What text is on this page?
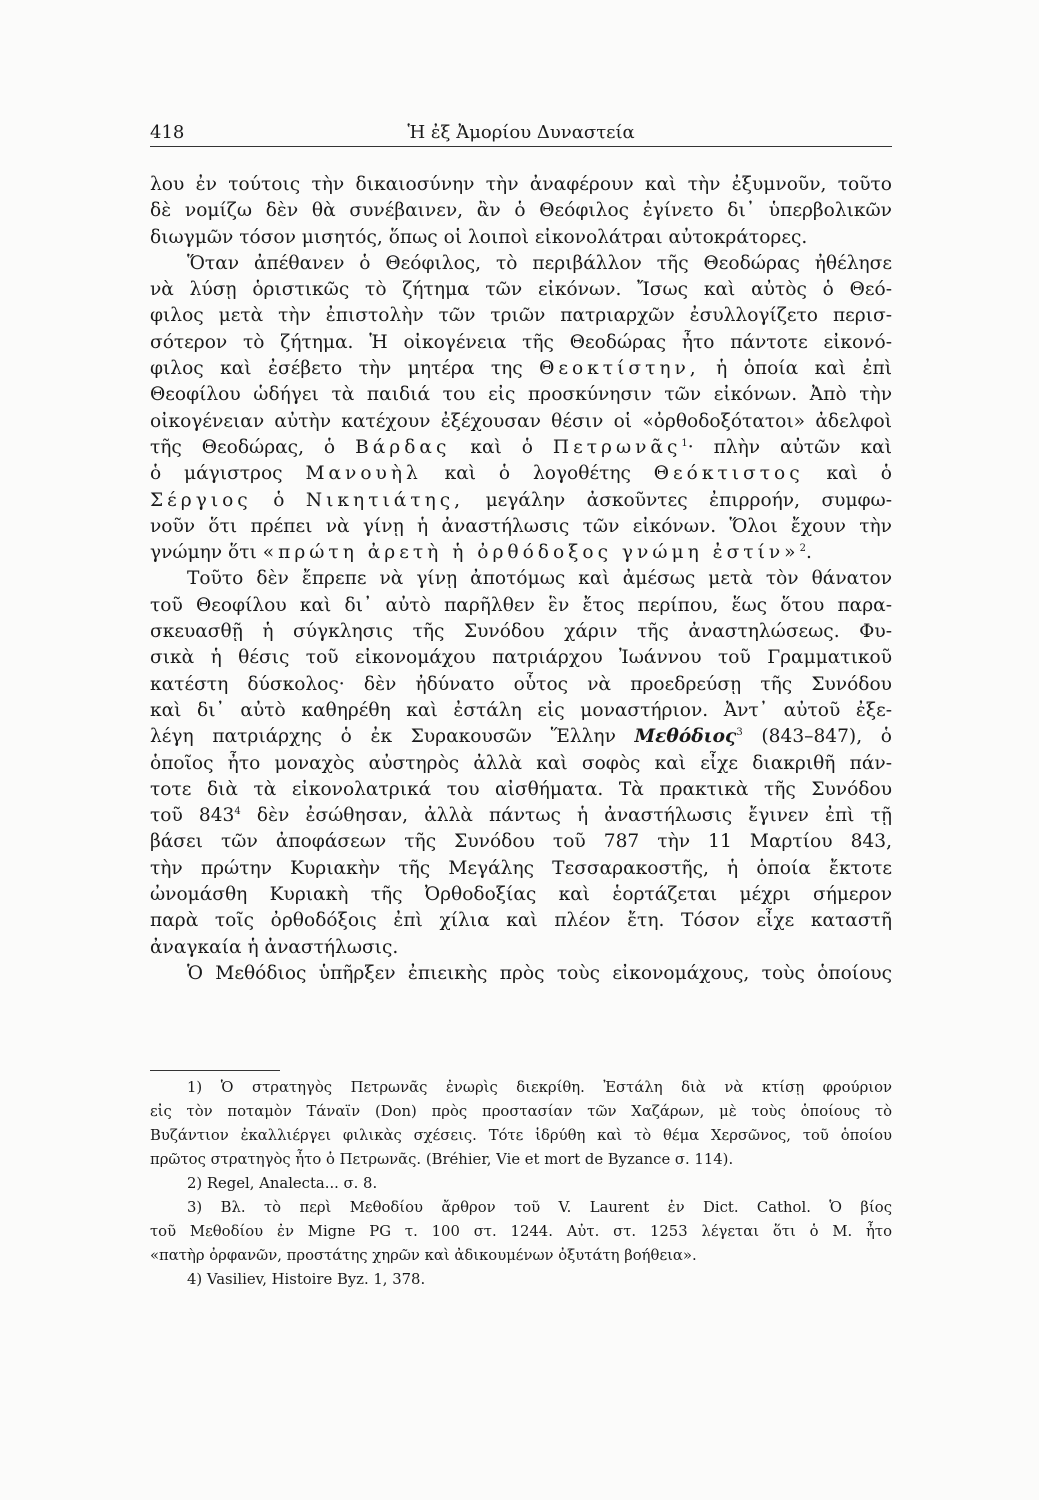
418	Ἡ ἐξ Ἀμορίου Δυναστεία
λου ἐν τούτοις τὴν δικαιοσύνην τὴν ἀναφέρουν καὶ τὴν ἐξυμνοῦν, τοῦτο
δὲ νομίζω δὲν θὰ συνέβαινεν, ἂν ὁ Θεόφιλος ἐγίνετο δι᾽ ὑπερβολικῶν
διωγμῶν τόσον μισητός, ὅπως οἱ λοιποὶ εἰκονολάτραι αὐτοκράτορες.
Ὅταν ἀπέθανεν ὁ Θεόφιλος, τὸ περιβάλλον τῆς Θεοδώρας ἠθέλησε
νὰ λύσῃ ὁριστικῶς τὸ ζήτημα τῶν εἰκόνων. Ἴσως καὶ αὐτὸς ὁ Θεό-
φιλος μετὰ τὴν ἐπιστολὴν τῶν τριῶν πατριαρχῶν ἐσυλλογίζετο περισ-
σότερον τὸ ζήτημα. Ἡ οἰκογένεια τῆς Θεοδώρας ἦτο πάντοτε εἰκονό-
φιλος καὶ ἐσέβετο τὴν μητέρα της Θεοκτίστην, ἡ ὁποία καὶ ἐπὶ
Θεοφίλου ὡδήγει τὰ παιδιά του εἰς προσκύνησιν τῶν εἰκόνων. Ἀπὸ τὴν
οἰκογένειαν αὐτὴν κατέχουν ἐξέχουσαν θέσιν οἱ «ὀρθοδοξότατοι» ἀδελφοὶ
τῆς Θεοδώρας, ὁ Βάρδας καὶ ὁ Πετρωνᾶς$^1$· πλὴν αὐτῶν καὶ
ὁ μάγιστρος Μανουὴλ καὶ ὁ λογοθέτης Θεόκτιστος καὶ ὁ
Σέργιος ὁ Νικητιάτης, μεγάλην ἀσκοῦντες ἐπιρροήν, συμφω-
νοῦν ὅτι πρέπει νὰ γίνῃ ἡ ἀναστήλωσις τῶν εἰκόνων. Ὅλοι ἔχουν τὴν
γνώμην ὅτι «πρώτη ἀρετὴ ἡ ὀρθόδοξος γνώμη ἐστίν»$^2$.
Τοῦτο δὲν ἔπρεπε νὰ γίνῃ ἀποτόμως καὶ ἀμέσως μετὰ τὸν θάνατον
τοῦ Θεοφίλου καὶ δι᾽ αὐτὸ παρῆλθεν ἓν ἔτος περίπου, ἕως ὅτου παρα-
σκευασθῇ ἡ σύγκλησις τῆς Συνόδου χάριν τῆς ἀναστηλώσεως. Φυ-
σικὰ ἡ θέσις τοῦ εἰκονομάχου πατριάρχου Ἰωάννου τοῦ Γραμματικοῦ
κατέστη δύσκολος· δὲν ἠδύνατο οὗτος νὰ προεδρεύσῃ τῆς Συνόδου
καὶ δι᾽ αὐτὸ καθηρέθη καὶ ἐστάλη εἰς μοναστήριον. Ἀντ᾽ αὐτοῦ ἐξε-
λέγη πατριάρχης ὁ ἐκ Συρακουσῶν Ἕλλην Μεθόδιος$^3$ (843–847), ὁ
ὁποῖος ἦτο μοναχὸς αὐστηρὸς ἀλλὰ καὶ σοφὸς καὶ εἶχε διακριθῆ πάν-
τοτε διὰ τὰ εἰκονολατρικά του αἰσθήματα. Τὰ πρακτικὰ τῆς Συνόδου
τοῦ $843^4$ δὲν ἐσώθησαν, ἀλλὰ πάντως ἡ ἀναστήλωσις ἔγινεν ἐπὶ τῇ
βάσει τῶν ἀποφάσεων τῆς Συνόδου τοῦ 787 τὴν 11 Μαρτίου 843,
τὴν πρώτην Κυριακὴν τῆς Μεγάλης Τεσσαρακοστῆς, ἡ ὁποία ἔκτοτε
ὠνομάσθη Κυριακὴ τῆς Ὀρθοδοξίας καὶ ἑορτάζεται μέχρι σήμερον
παρὰ τοῖς ὀρθοδόξοις ἐπὶ χίλια καὶ πλέον ἔτη. Τόσον εἶχε καταστῆ
ἀναγκαία ἡ ἀναστήλωσις.
Ὁ Μεθόδιος ὑπῆρξεν ἐπιεικὴς πρὸς τοὺς εἰκονομάχους, τοὺς ὁποίους
1) Ὁ στρατηγὸς Πετρωνᾶς ἐνωρὶς διεκρίθη. Ἐστάλη διὰ νὰ κτίσῃ φρούριον
εἰς τὸν ποταμὸν Τάναϊν (Don) πρὸς προστασίαν τῶν Χαζάρων, μὲ τοὺς ὁποίους τὸ
Βυζάντιον ἐκαλλιέργει φιλικὰς σχέσεις. Τότε ἱδρύθη καὶ τὸ θέμα Χερσῶνος, τοῦ ὁποίου
πρῶτος στρατηγὸς ἦτο ὁ Πετρωνᾶς. (Bréhier, Vie et mort de Byzance σ. 114).
2) Regel, Analecta... σ. 8.
3) Βλ. τὸ περὶ Μεθοδίου ἄρθρον τοῦ V. Laurent ἐν Dict. Cathol. Ὁ βίος
τοῦ Μεθοδίου ἐν Migne PG τ. 100 στ. 1244. Αὐτ. στ. 1253 λέγεται ὅτι ὁ Μ. ἦτο
«πατὴρ ὀρφανῶν, προστάτης χηρῶν καὶ ἀδικουμένων ὀξυτάτη βοήθεια».
4) Vasiliev, Histoire Byz. 1, 378.
